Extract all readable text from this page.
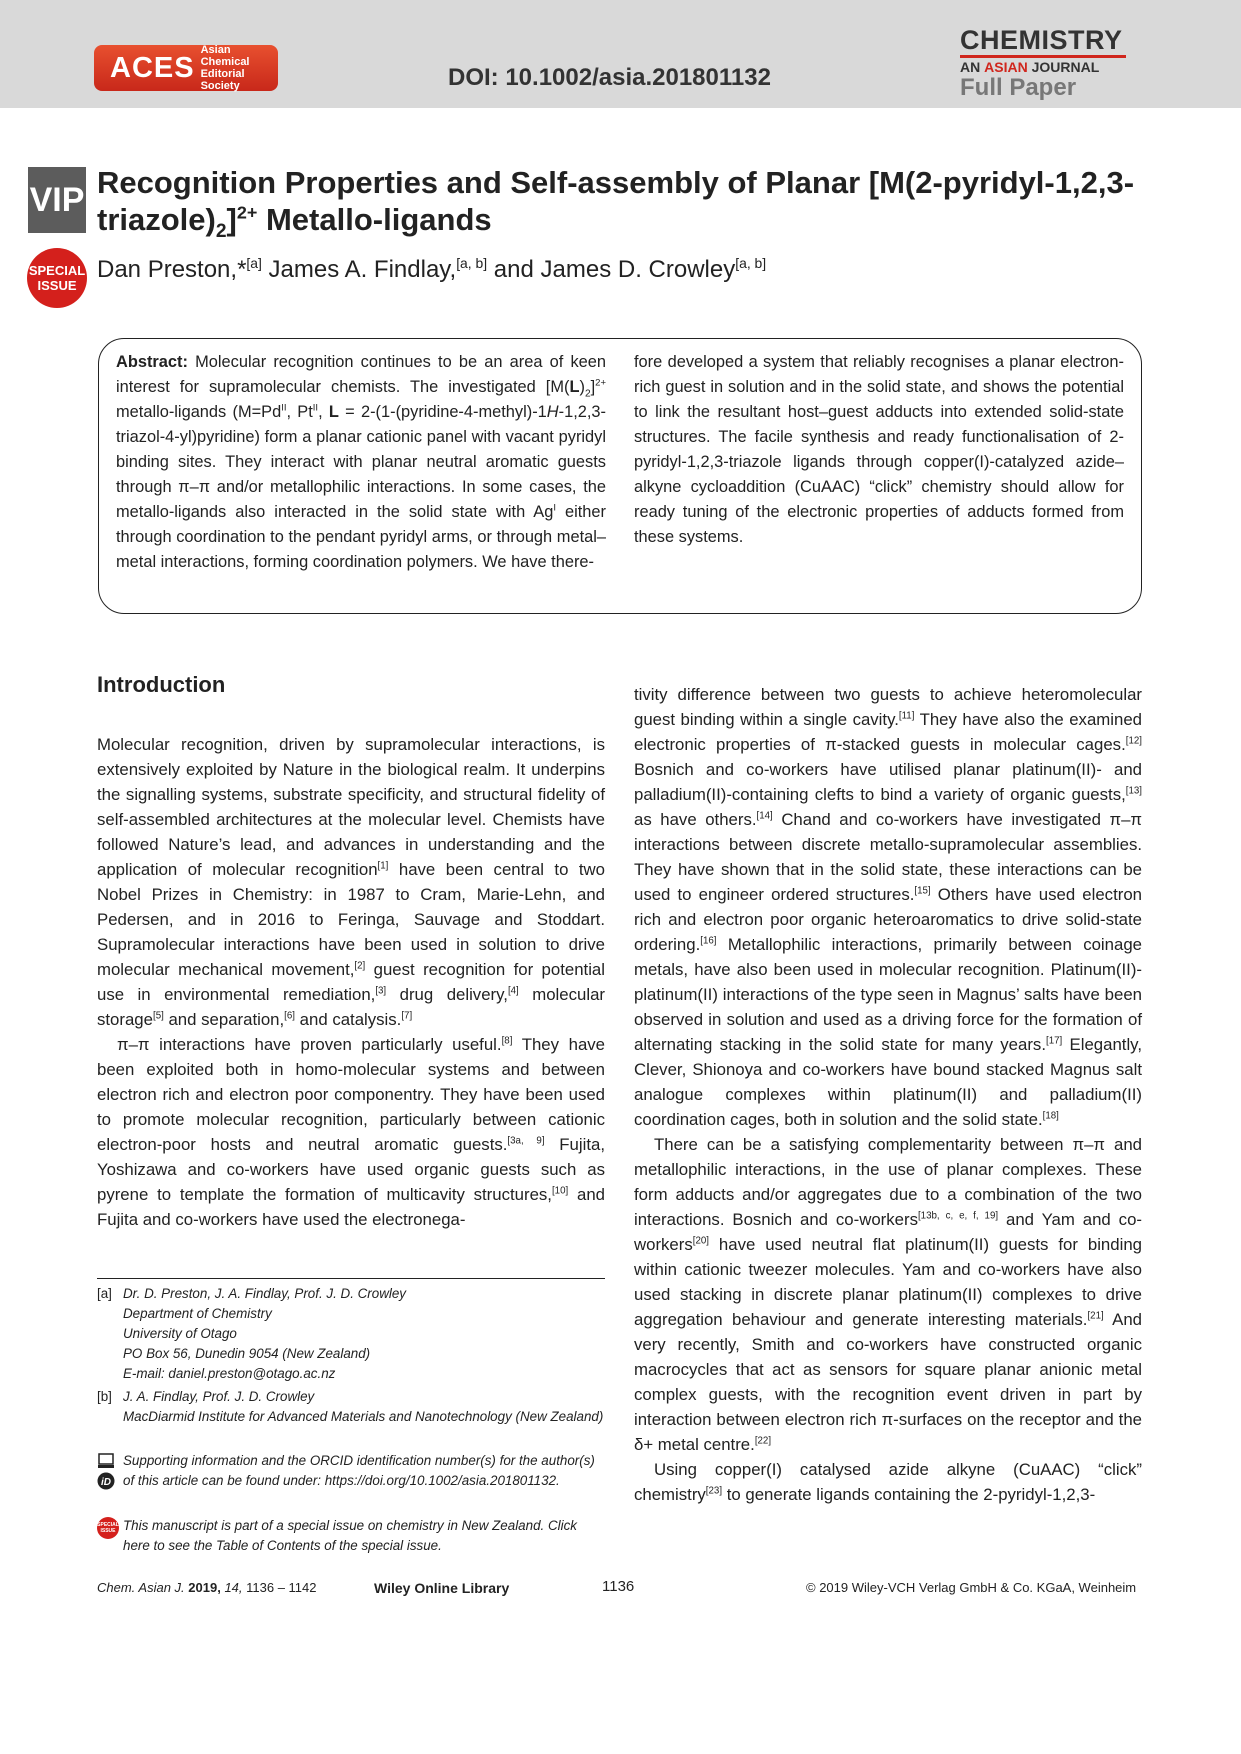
ACES
Asian Chemical
Editorial Society	DOI: 10.1002/asia.201801132
CHEMISTRY
AN ASIAN JOURNAL
Full Paper
VIP
SPECIAL
ISSUE
Recognition Properties and Self-assembly of Planar $[M(2-pyridyl-1,2,3-triazole)_2]^{2+}$ Metallo-ligands
Dan Preston,*[a] James A. Findlay,[a, b] and James D. Crowley[a, b]
Abstract: Molecular recognition continues to be an area of keen interest for supramolecular chemists. The investigated $[M(L)_2]^{2+}$ metallo-ligands ($M=Pd^{II}$, $Pt^{II}$, L = 2-(1-(pyridine-4-methyl)-1H-1,2,3-triazol-4-yl)pyridine) form a planar cationic panel with vacant pyridyl binding sites. They interact with planar neutral aromatic guests through π–π and/or metallophilic interactions. In some cases, the metallo-ligands also interacted in the solid state with $Ag^I$ either through coordination to the pendant pyridyl arms, or through metal–metal interactions, forming coordination polymers. We have there-
fore developed a system that reliably recognises a planar electron-rich guest in solution and in the solid state, and shows the potential to link the resultant host–guest adducts into extended solid-state structures. The facile synthesis and ready functionalisation of 2-pyridyl-1,2,3-triazole ligands through copper(I)-catalyzed azide–alkyne cycloaddition (CuAAC) “click” chemistry should allow for ready tuning of the electronic properties of adducts formed from these systems.
Introduction

Molecular recognition, driven by supramolecular interactions, is extensively exploited by Nature in the biological realm. It underpins the signalling systems, substrate specificity, and structural fidelity of self-assembled architectures at the molecular level. Chemists have followed Nature’s lead, and advances in understanding and the application of molecular recognition[1] have been central to two Nobel Prizes in Chemistry: in 1987 to Cram, Marie-Lehn, and Pedersen, and in 2016 to Feringa, Sauvage and Stoddart. Supramolecular interactions have been used in solution to drive molecular mechanical movement,[2] guest recognition for potential use in environmental remediation,[3] drug delivery,[4] molecular storage[5] and separation,[6] and catalysis.[7]

π–π interactions have proven particularly useful.[8] They have been exploited both in homo-molecular systems and between electron rich and electron poor componentry. They have been used to promote molecular recognition, particularly between cationic electron-poor hosts and neutral aromatic guests.[3a, 9] Fujita, Yoshizawa and co-workers have used organic guests such as pyrene to template the formation of multicavity structures,[10] and Fujita and co-workers have used the electronega-

tivity difference between two guests to achieve heteromolecular guest binding within a single cavity.[11] They have also the examined electronic properties of π-stacked guests in molecular cages.[12] Bosnich and co-workers have utilised planar platinum(II)- and palladium(II)-containing clefts to bind a variety of organic guests,[13] as have others.[14] Chand and co-workers have investigated π–π interactions between discrete metallo-supramolecular assemblies. They have shown that in the solid state, these interactions can be used to engineer ordered structures.[15] Others have used electron rich and electron poor organic heteroaromatics to drive solid-state ordering.[16] Metallophilic interactions, primarily between coinage metals, have also been used in molecular recognition. Platinum(II)-platinum(II) interactions of the type seen in Magnus’ salts have been observed in solution and used as a driving force for the formation of alternating stacking in the solid state for many years.[17] Elegantly, Clever, Shionoya and co-workers have bound stacked Magnus salt analogue complexes within platinum(II) and palladium(II) coordination cages, both in solution and the solid state.[18]

There can be a satisfying complementarity between π–π and metallophilic interactions, in the use of planar complexes. These form adducts and/or aggregates due to a combination of the two interactions. Bosnich and co-workers[13b, c, e, f, 19] and Yam and co-workers[20] have used neutral flat platinum(II) guests for binding within cationic tweezer molecules. Yam and co-workers have also used stacking in discrete planar platinum(II) complexes to drive aggregation behaviour and generate interesting materials.[21] And very recently, Smith and co-workers have constructed organic macrocycles that act as sensors for square planar anionic metal complex guests, with the recognition event driven in part by interaction between electron rich π-surfaces on the receptor and the δ+ metal centre.[22]

Using copper(I) catalysed azide alkyne (CuAAC) “click” chemistry[23] to generate ligands containing the 2-pyridyl-1,2,3-

[a] Dr. D. Preston, J. A. Findlay, Prof. J. D. Crowley
Department of Chemistry
University of Otago
PO Box 56, Dunedin 9054 (New Zealand)
E-mail: daniel.preston@otago.ac.nz
[b] J. A. Findlay, Prof. J. D. Crowley
MacDiarmid Institute for Advanced Materials and Nanotechnology (New Zealand)
iD
Supporting information and the ORCID identification number(s) for the author(s) of this article can be found under: https://doi.org/10.1002/asia.201801132.
SPECIAL
ISSUE This manuscript is part of a special issue on chemistry in New Zealand. Click here to see the Table of Contents of the special issue.
Chem. Asian J. 2019, 14, 1136 – 1142	Wiley Online Library	1136	© 2019 Wiley-VCH Verlag GmbH & Co. KGaA, Weinheim
